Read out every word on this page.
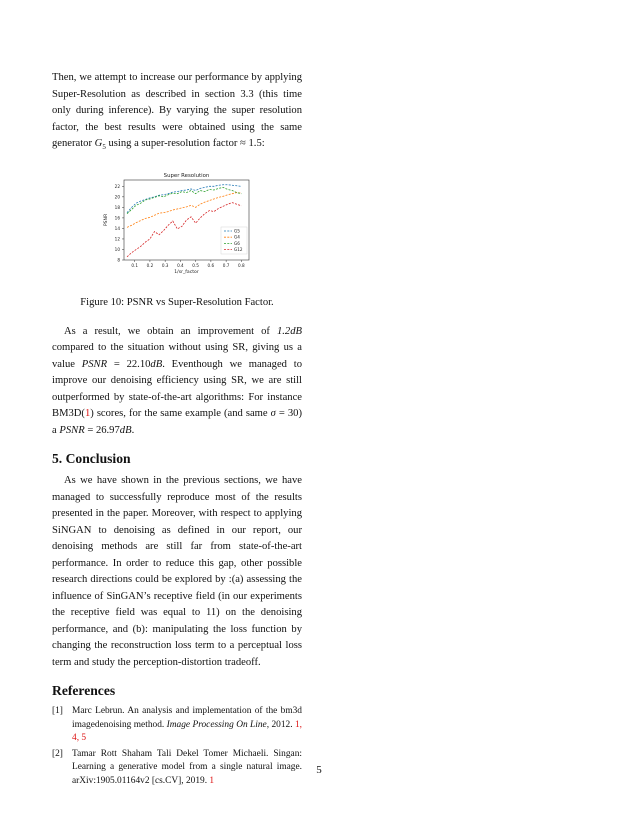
Then, we attempt to increase our performance by applying Super-Resolution as described in section 3.3 (this time only during inference). By varying the super resolution factor, the best results were obtained using the same generator $G_5$ using a super-resolution factor ≈ 1.5:

Super Resolution
0.1 0.2 0.3 0.4 0.5 0.6 0.7 0.8
8
10
12
14
16
18
20
22
1/sr_factor
PSNR
G5
G4
G6
G12
Figure 10: PSNR vs Super-Resolution Factor.

As a result, we obtain an improvement of 1.2dB compared to the situation without using SR, giving us a value PSNR = 22.10dB. Eventhough we managed to improve our denoising efficiency using SR, we are still outperformed by state-of-the-art algorithms: For instance BM3D(1) scores, for the same example (and same σ = 30) a PSNR = 26.97dB.

5. Conclusion

As we have shown in the previous sections, we have managed to successfully reproduce most of the results presented in the paper. Moreover, with respect to applying SiNGAN to denoising as defined in our report, our denoising methods are still far from state-of-the-art performance. In order to reduce this gap, other possible research directions could be explored by :(a) assessing the influence of SinGAN’s receptive field (in our experiments the receptive field was equal to 11) on the denoising performance, and (b): manipulating the loss function by changing the reconstruction loss term to a perceptual loss term and study the perception-distortion tradeoff.

References
[1] Marc Lebrun. An analysis and implementation of the bm3d imagedenoising method. Image Processing On Line, 2012. 1, 4, 5
[2] Tamar Rott Shaham Tali Dekel Tomer Michaeli. Singan: Learning a generative model from a single natural image. arXiv:1905.01164v2 [cs.CV], 2019. 1
5
